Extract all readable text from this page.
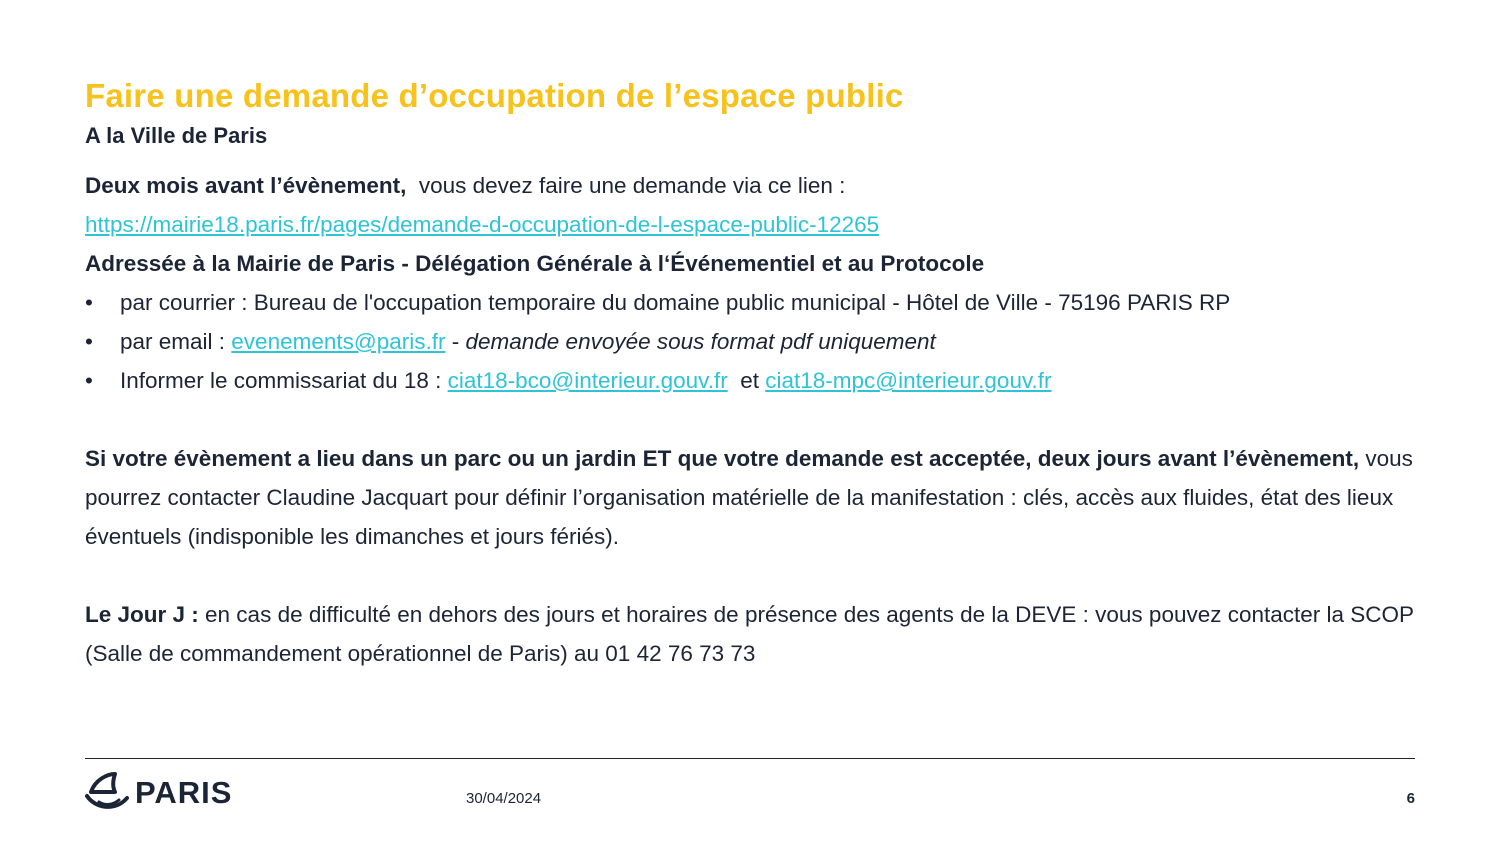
Faire une demande d’occupation de l’espace public
A la Ville de Paris

Deux mois avant l’évènement,  vous devez faire une demande via ce lien :

https://mairie18.paris.fr/pages/demande-d-occupation-de-l-espace-public-12265

Adressée à la Mairie de Paris - Délégation Générale à l‘Événementiel et au Protocole

• par courrier : Bureau de l'occupation temporaire du domaine public municipal - Hôtel de Ville - 75196 PARIS RP
• par email : evenements@paris.fr - demande envoyée sous format pdf uniquement
• Informer le commissariat du 18 : ciat18-bco@interieur.gouv.fr  et ciat18-mpc@interieur.gouv.fr

Si votre évènement a lieu dans un parc ou un jardin ET que votre demande est acceptée, deux jours avant l’évènement, vous pourrez contacter Claudine Jacquart pour définir l’organisation matérielle de la manifestation : clés, accès aux fluides, état des lieux éventuels (indisponible les dimanches et jours fériés).

Le Jour J : en cas de difficulté en dehors des jours et horaires de présence des agents de la DEVE : vous pouvez contacter la SCOP (Salle de commandement opérationnel de Paris) au 01 42 76 73 73

PARIS	30/04/2024	6
